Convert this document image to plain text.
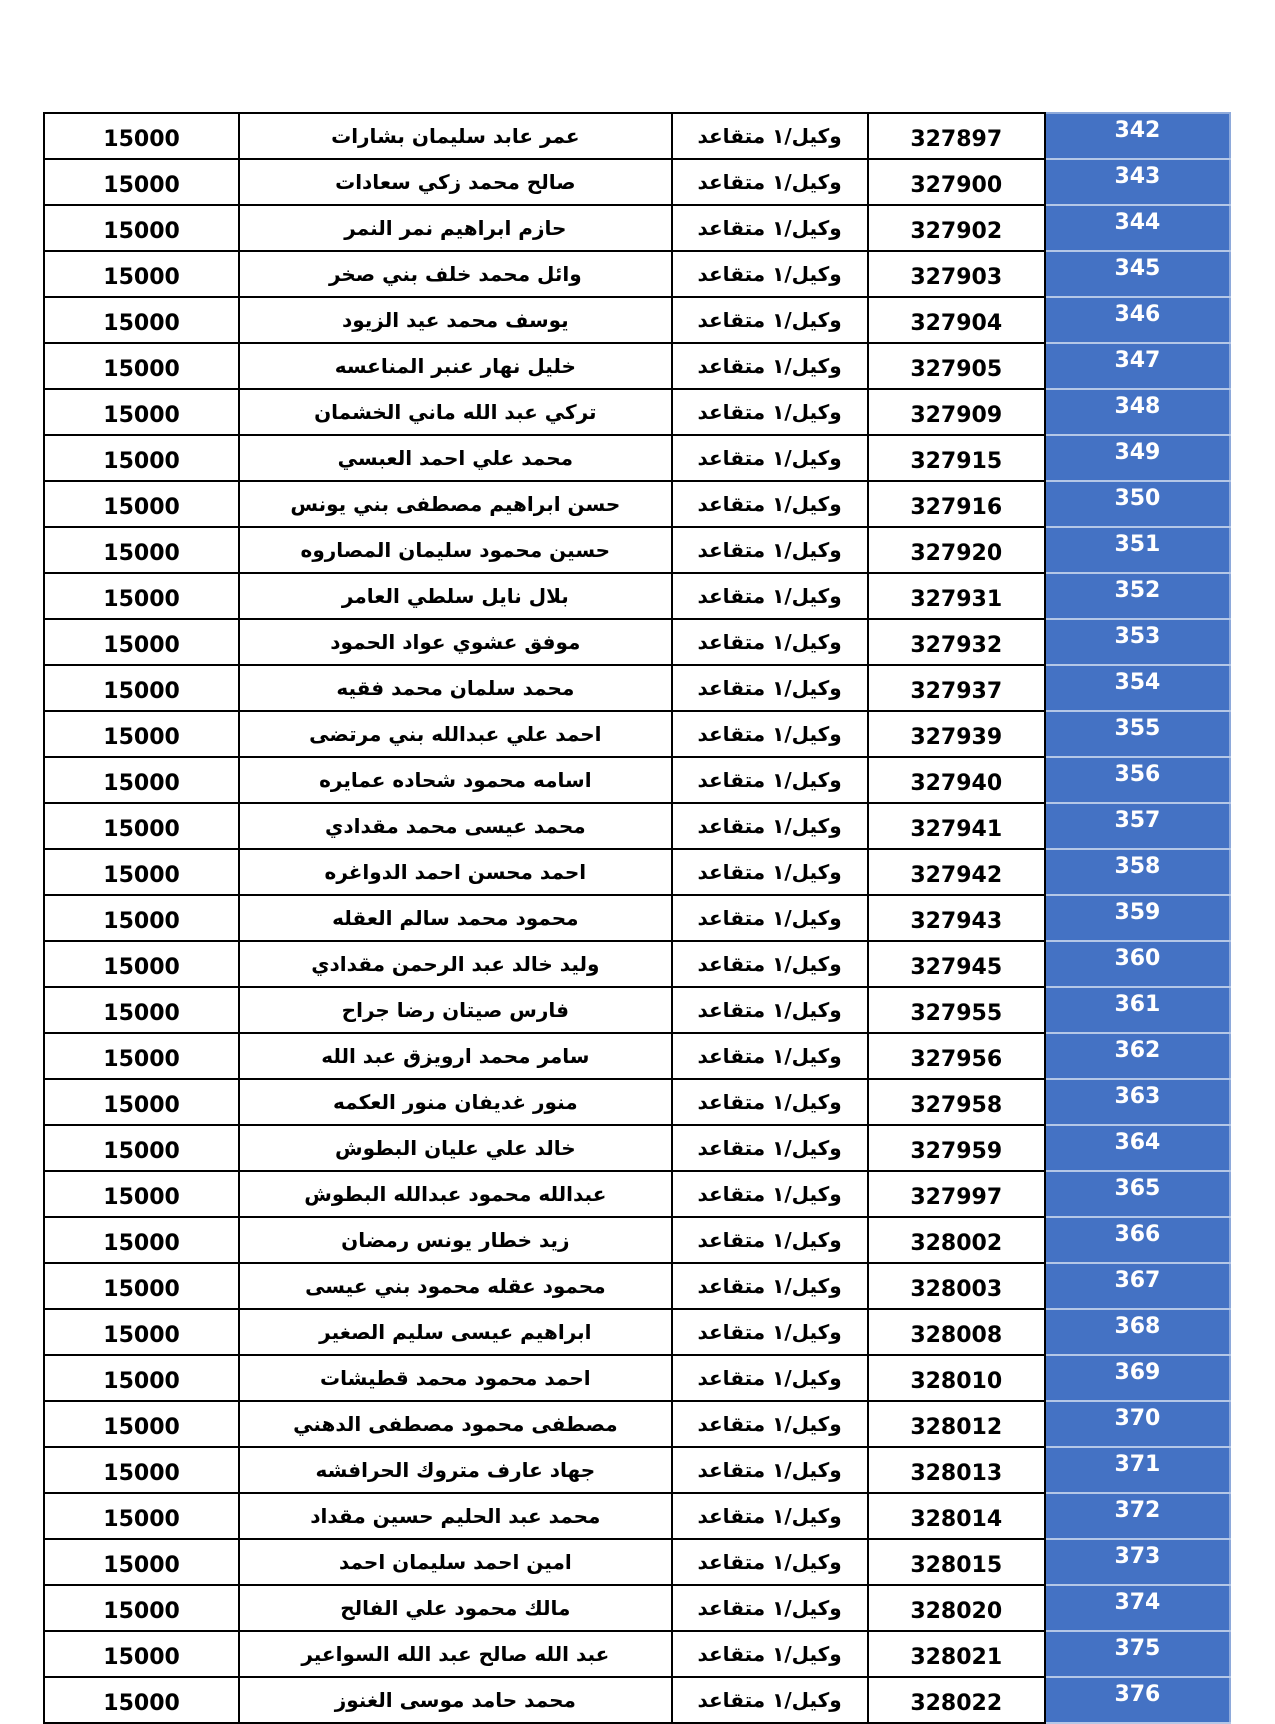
15000	عمر عابد سليمان بشارات	وكيل/١ متقاعد	327897	342
15000	صالح محمد زكي سعادات	وكيل/١ متقاعد	327900	343
15000	حازم ابراهيم نمر النمر	وكيل/١ متقاعد	327902	344
15000	وائل محمد خلف بني صخر	وكيل/١ متقاعد	327903	345
15000	يوسف محمد عيد الزيود	وكيل/١ متقاعد	327904	346
15000	خليل نهار عنبر المناعسه	وكيل/١ متقاعد	327905	347
15000	تركي عبد الله ماني الخشمان	وكيل/١ متقاعد	327909	348
15000	محمد علي احمد العبسي	وكيل/١ متقاعد	327915	349
15000	حسن ابراهيم مصطفى بني يونس	وكيل/١ متقاعد	327916	350
15000	حسين محمود سليمان المصاروه	وكيل/١ متقاعد	327920	351
15000	بلال نايل سلطي العامر	وكيل/١ متقاعد	327931	352
15000	موفق عشوي عواد الحمود	وكيل/١ متقاعد	327932	353
15000	محمد سلمان محمد فقيه	وكيل/١ متقاعد	327937	354
15000	احمد علي عبدالله بني مرتضى	وكيل/١ متقاعد	327939	355
15000	اسامه محمود شحاده عمايره	وكيل/١ متقاعد	327940	356
15000	محمد عيسى محمد مقدادي	وكيل/١ متقاعد	327941	357
15000	احمد محسن احمد الدواغره	وكيل/١ متقاعد	327942	358
15000	محمود محمد سالم العقله	وكيل/١ متقاعد	327943	359
15000	وليد خالد عبد الرحمن مقدادي	وكيل/١ متقاعد	327945	360
15000	فارس صيتان رضا جراح	وكيل/١ متقاعد	327955	361
15000	سامر محمد ارويزق عبد الله	وكيل/١ متقاعد	327956	362
15000	منور غديفان منور العكمه	وكيل/١ متقاعد	327958	363
15000	خالد علي عليان البطوش	وكيل/١ متقاعد	327959	364
15000	عبدالله محمود عبدالله البطوش	وكيل/١ متقاعد	327997	365
15000	زيد خطار يونس رمضان	وكيل/١ متقاعد	328002	366
15000	محمود عقله محمود بني عيسى	وكيل/١ متقاعد	328003	367
15000	ابراهيم عيسى سليم الصغير	وكيل/١ متقاعد	328008	368
15000	احمد محمود محمد قطيشات	وكيل/١ متقاعد	328010	369
15000	مصطفى محمود مصطفى الدهني	وكيل/١ متقاعد	328012	370
15000	جهاد عارف متروك الحرافشه	وكيل/١ متقاعد	328013	371
15000	محمد عبد الحليم حسين مقداد	وكيل/١ متقاعد	328014	372
15000	امين احمد سليمان احمد	وكيل/١ متقاعد	328015	373
15000	مالك محمود علي الفالح	وكيل/١ متقاعد	328020	374
15000	عبد الله صالح عبد الله السواعير	وكيل/١ متقاعد	328021	375
15000	محمد حامد موسى الغنوز	وكيل/١ متقاعد	328022	376
